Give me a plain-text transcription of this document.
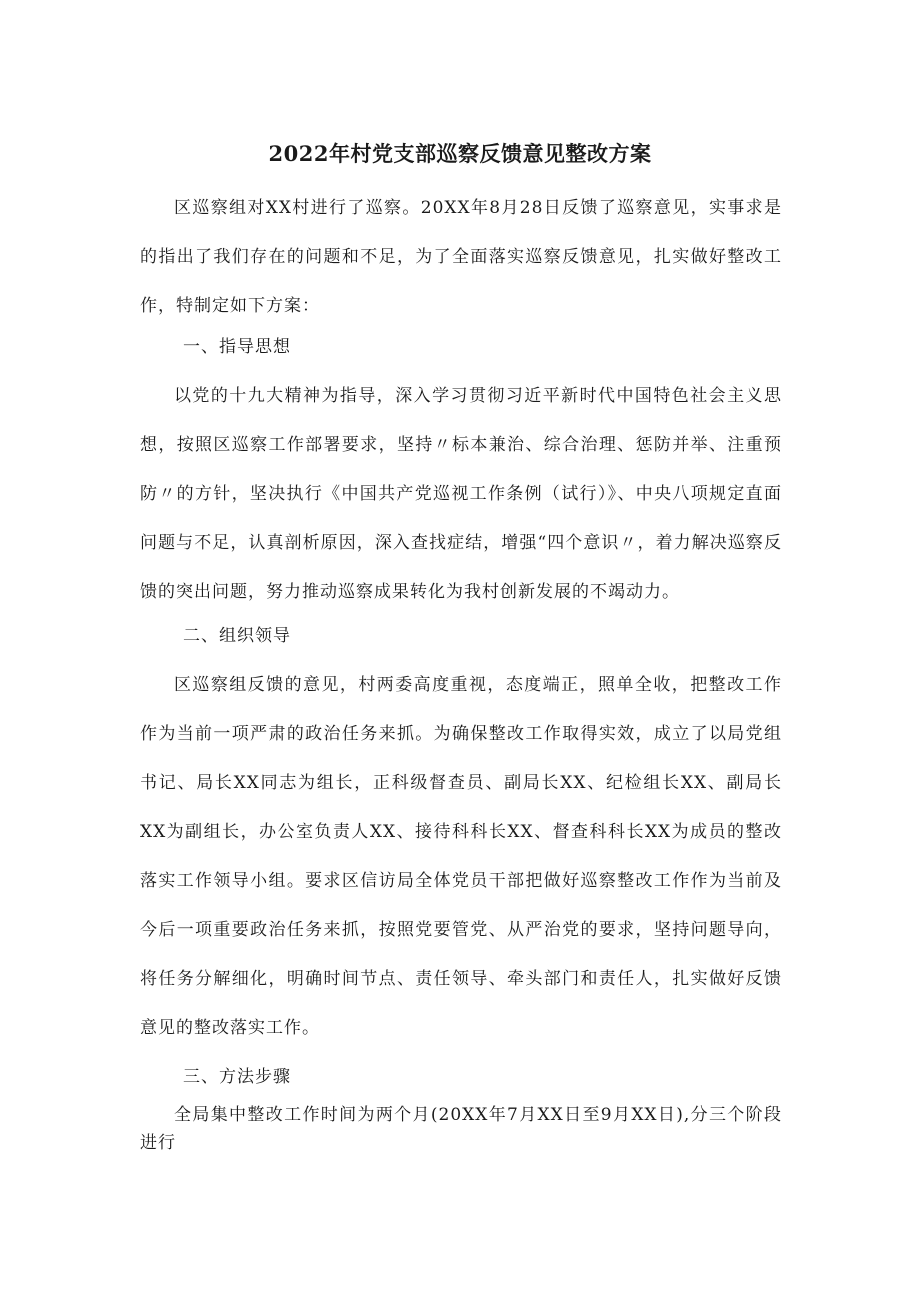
2022年村党支部巡察反馈意见整改方案
区巡察组对XX村进行了巡察。20XX年8月28日反馈了巡察意见，实事求是的指出了我们存在的问题和不足，为了全面落实巡察反馈意见，扎实做好整改工作，特制定如下方案：
一、指导思想
以党的十九大精神为指导，深入学习贯彻习近平新时代中国特色社会主义思想，按照区巡察工作部署要求，坚持〃标本兼治、综合治理、惩防并举、注重预防〃的方针，坚决执行《中国共产党巡视工作条例（试行）》、中央八项规定直面问题与不足，认真剖析原因，深入查找症结，增强“四个意识〃，着力解决巡察反馈的突出问题，努力推动巡察成果转化为我村创新发展的不竭动力。
二、组织领导
区巡察组反馈的意见，村两委高度重视，态度端正，照单全收，把整改工作作为当前一项严肃的政治任务来抓。为确保整改工作取得实效，成立了以局党组书记、局长XX同志为组长，正科级督查员、副局长XX、纪检组长XX、副局长XX为副组长，办公室负责人XX、接待科科长XX、督查科科长XX为成员的整改落实工作领导小组。要求区信访局全体党员干部把做好巡察整改工作作为当前及今后一项重要政治任务来抓，按照党要管党、从严治党的要求，坚持问题导向，将任务分解细化，明确时间节点、责任领导、牵头部门和责任人，扎实做好反馈意见的整改落实工作。
三、方法步骤
全局集中整改工作时间为两个月(20XX年7月XX日至9月XX日),分三个阶段进行
